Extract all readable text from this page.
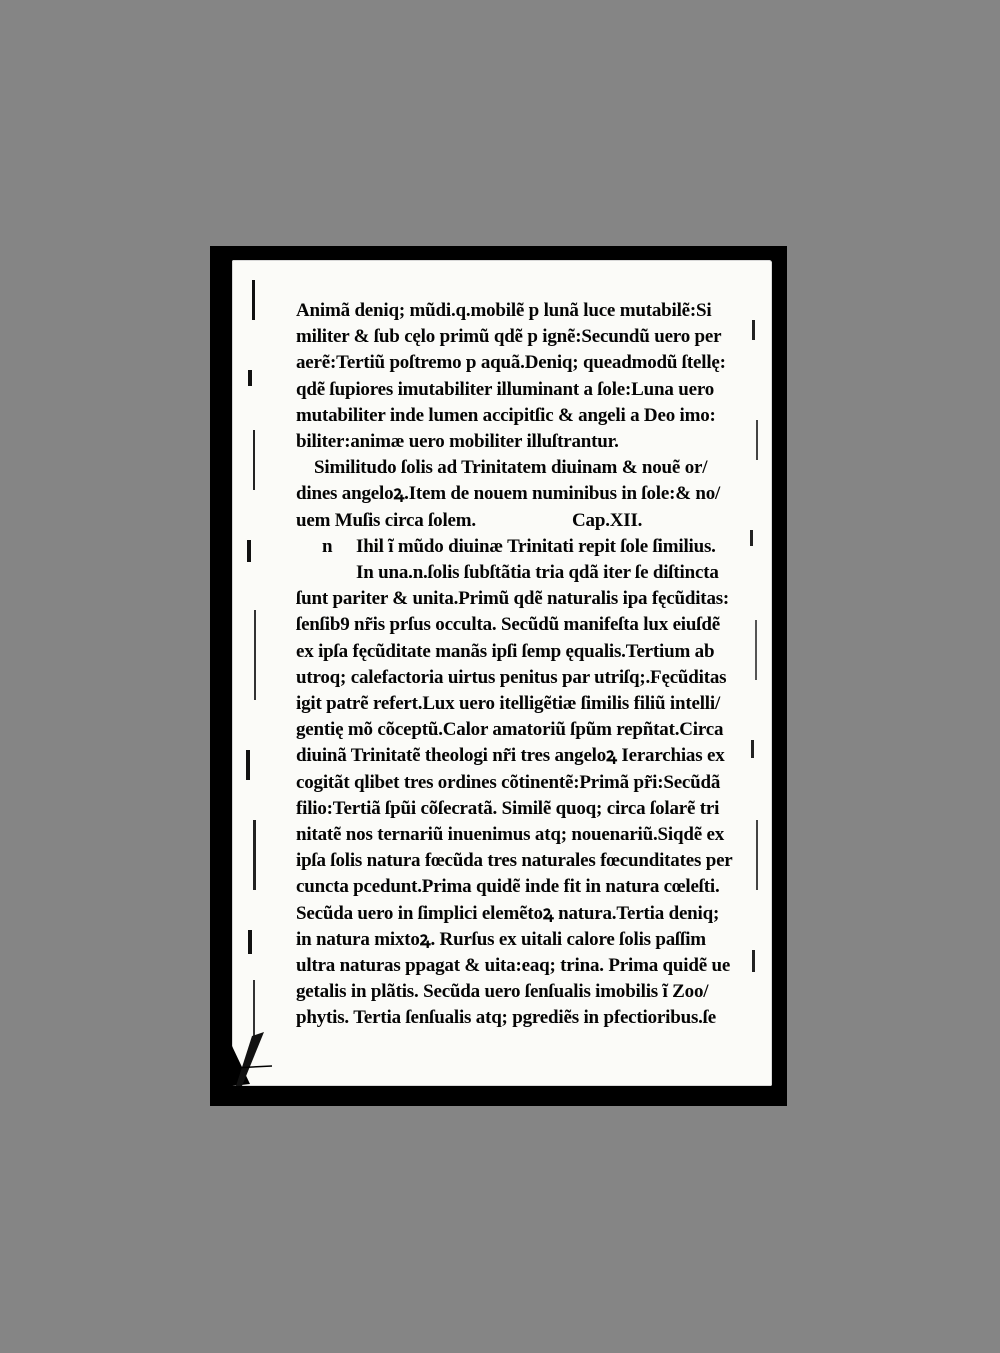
Animã deniq; mũdi.q.mobilẽ p lunã luce mutabilẽ:Si
militer & ſub cęlo primũ qdẽ p ignẽ:Secundũ uero per
aerẽ:Tertiũ poſtremo p aquã.Deniq; queadmodũ ſtellę:
qdẽ ſupiores imutabiliter illuminant a ſole:Luna uero
mutabiliter inde lumen accipitſic & angeli a Deo imo:
biliter:animæ uero mobiliter illuſtrantur.
Similitudo ſolis ad Trinitatem diuinam & nouẽ or/
dines angeloꝝ.Item de nouem numinibus in ſole:& no/
uem Muſis circa ſolem.	Cap.XII.
n Ihil ĩ mũdo diuinæ Trinitati repit ſole ſimilius.
In una.n.ſolis ſubſtãtia tria qdã iter ſe diſtincta
ſunt pariter & unita.Primũ qdẽ naturalis ipa fęcũditas:
ſenſib9 nr̃is prſus occulta. Secũdũ manifeſta lux eiuſdẽ
ex ipſa fęcũditate manãs ipſi ſemp ęqualis.Tertium ab
utroq; calefactoria uirtus penitus par utriſq;.Fęcũditas
igit patrẽ refert.Lux uero itelligẽtiæ ſimilis filiũ intelli/
gentię mõ cõceptũ.Calor amatoriũ ſpũm repñtat.Circa
diuinã Trinitatẽ theologi nr̃i tres angeloꝝ Ierarchias ex
cogitãt qlibet tres ordines cõtinentẽ:Primã pr̃i:Secũdã
filio:Tertiã ſpũi cõſecratã. Similẽ quoq; circa ſolarẽ tri
nitatẽ nos ternariũ inuenimus atq; nouenariũ.Siqdẽ ex
ipſa ſolis natura fœcũda tres naturales fœcunditates per
cuncta pcedunt.Prima quidẽ inde fit in natura cœleſti.
Secũda uero in ſimplici elemẽtoꝝ natura.Tertia deniq;
in natura mixtoꝝ. Rurſus ex uitali calore ſolis paſſim
ultra naturas ppagat & uita:eaq; trina. Prima quidẽ ue
getalis in plãtis. Secũda uero ſenſualis imobilis ĩ Zoo/
phytis. Tertia ſenſualis atq; pgrediẽs in pfectioribus.ſe
